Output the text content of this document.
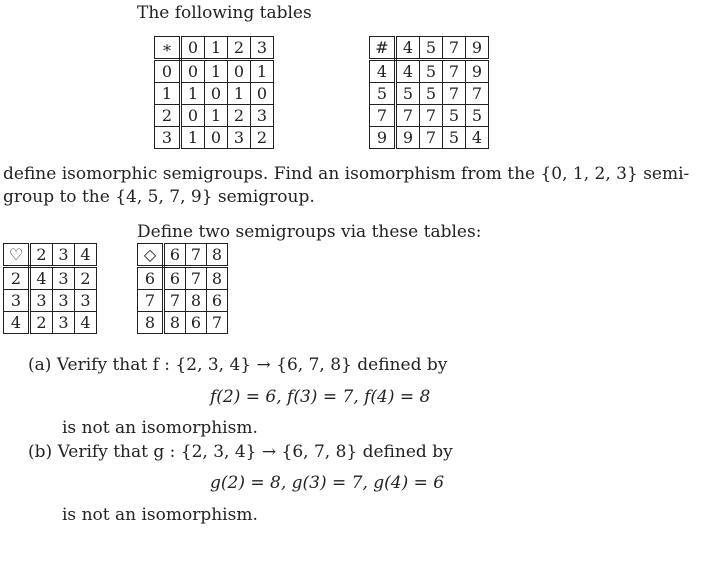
The following tables
∗	0	1	2	3
0	0	1	0	1
1	1	0	1	0
2	0	1	2	3
3	1	0	3	2
#	4	5	7	9
4	4	5	7	9
5	5	5	7	7
7	7	7	5	5
9	9	7	5	4
define isomorphic semigroups. Find an isomorphism from the {0, 1, 2, 3} semi-
group to the {4, 5, 7, 9} semigroup.
Define two semigroups via these tables:
♡	2	3	4
2	4	3	2
3	3	3	3
4	2	3	4
◇	6	7	8
6	6	7	8
7	7	8	6
8	8	6	7
(a) Verify that f : {2, 3, 4} → {6, 7, 8} defined by
f(2) = 6, f(3) = 7, f(4) = 8
is not an isomorphism.
(b) Verify that g : {2, 3, 4} → {6, 7, 8} defined by
g(2) = 8, g(3) = 7, g(4) = 6
is not an isomorphism.
